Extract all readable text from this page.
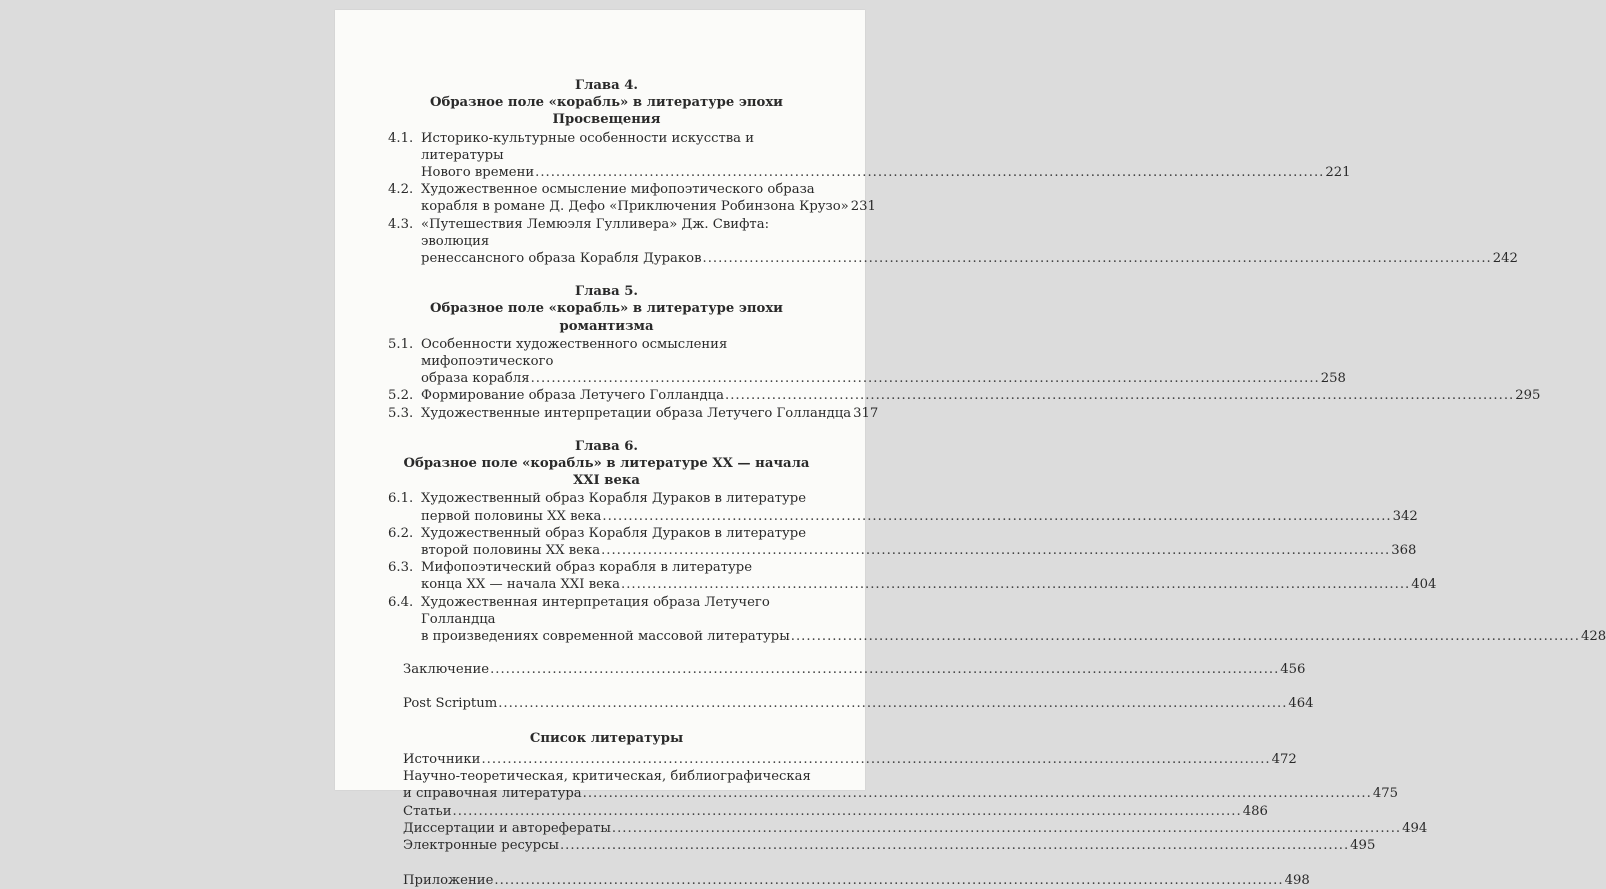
Глава 4.
Образное поле «корабль» в литературе эпохи Просвещения
4.1. Историко-культурные особенности искусства и литературы
Нового времени ........................................................................................................................................................ 221
4.2. Художественное осмысление мифопоэтического образа
корабля в романе Д. Дефо «Приключения Робинзона Крузо» 231
4.3. «Путешествия Лемюэля Гулливера» Дж. Свифта: эволюция
ренессансного образа Корабля Дураков ........................................................................................................................................................ 242
Глава 5.
Образное поле «корабль» в литературе эпохи романтизма
5.1. Особенности художественного осмысления мифопоэтического
образа корабля ........................................................................................................................................................ 258
5.2. Формирование образа Летучего Голландца ........................................................................................................................................................ 295
5.3. Художественные интерпретации образа Летучего Голландца 317
Глава 6.
Образное поле «корабль» в литературе XX — начала XXI века
6.1. Художественный образ Корабля Дураков в литературе
первой половины XX века ........................................................................................................................................................ 342
6.2. Художественный образ Корабля Дураков в литературе
второй половины XX века ........................................................................................................................................................ 368
6.3. Мифопоэтический образ корабля в литературе
конца XX — начала XXI века ........................................................................................................................................................ 404
6.4. Художественная интерпретация образа Летучего Голландца
в произведениях современной массовой литературы ........................................................................................................................................................ 428
Заключение ........................................................................................................................................................ 456
Post Scriptum ........................................................................................................................................................ 464
Список литературы
Источники ........................................................................................................................................................ 472
Научно-теоретическая, критическая, библиографическая
и справочная литература ........................................................................................................................................................ 475
Статьи ........................................................................................................................................................ 486
Диссертации и авторефераты ........................................................................................................................................................ 494
Электронные ресурсы ........................................................................................................................................................ 495
Приложение ........................................................................................................................................................ 498
